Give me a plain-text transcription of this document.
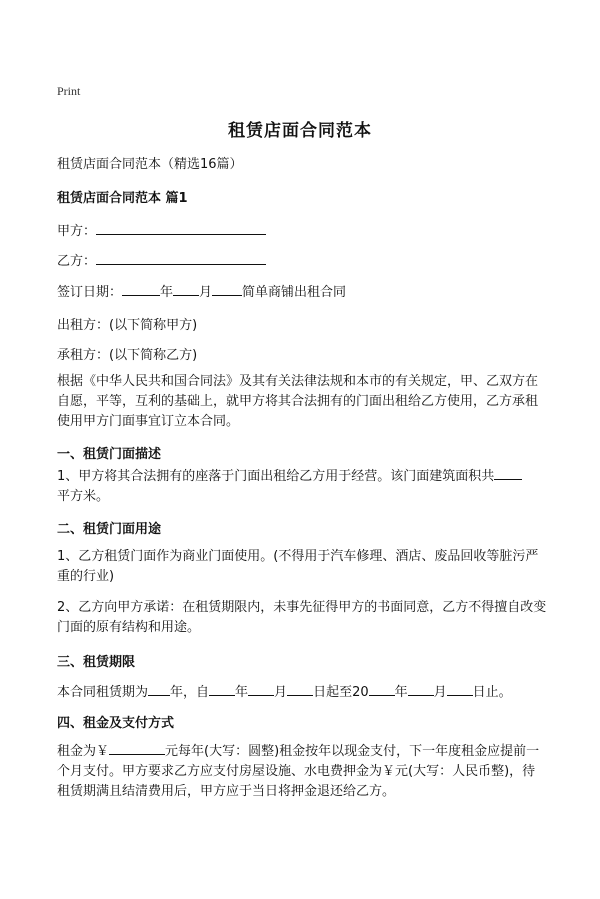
Print
租赁店面合同范本
租赁店面合同范本（精选16篇）
租赁店面合同范本 篇1
甲方：
乙方：
签订日期：	年 月 简单商铺出租合同
出租方：(以下简称甲方)
承租方：(以下简称乙方)
根据《中华人民共和国合同法》及其有关法律法规和本市的有关规定，甲、乙双方在自愿，平等，互利的基础上，就甲方将其合法拥有的门面出租给乙方使用，乙方承租使用甲方门面事宜订立本合同。
一、租赁门面描述
1、甲方将其合法拥有的座落于门面出租给乙方用于经营。该门面建筑面积共
平方米。
二、租赁门面用途
1、乙方租赁门面作为商业门面使用。(不得用于汽车修理、酒店、废品回收等脏污严重的行业)
2、乙方向甲方承诺：在租赁期限内，未事先征得甲方的书面同意，乙方不得擅自改变门面的原有结构和用途。
三、租赁期限
本合同租赁期为 年，自 年 月 日起至20 年 月 日止。
四、租金及支付方式
租金为￥	元每年(大写：圆整)租金按年以现金支付，下一年度租金应提前一个月支付。甲方要求乙方应支付房屋设施、水电费押金为￥元(大写：人民币整)，待租赁期满且结清费用后，甲方应于当日将押金退还给乙方。
